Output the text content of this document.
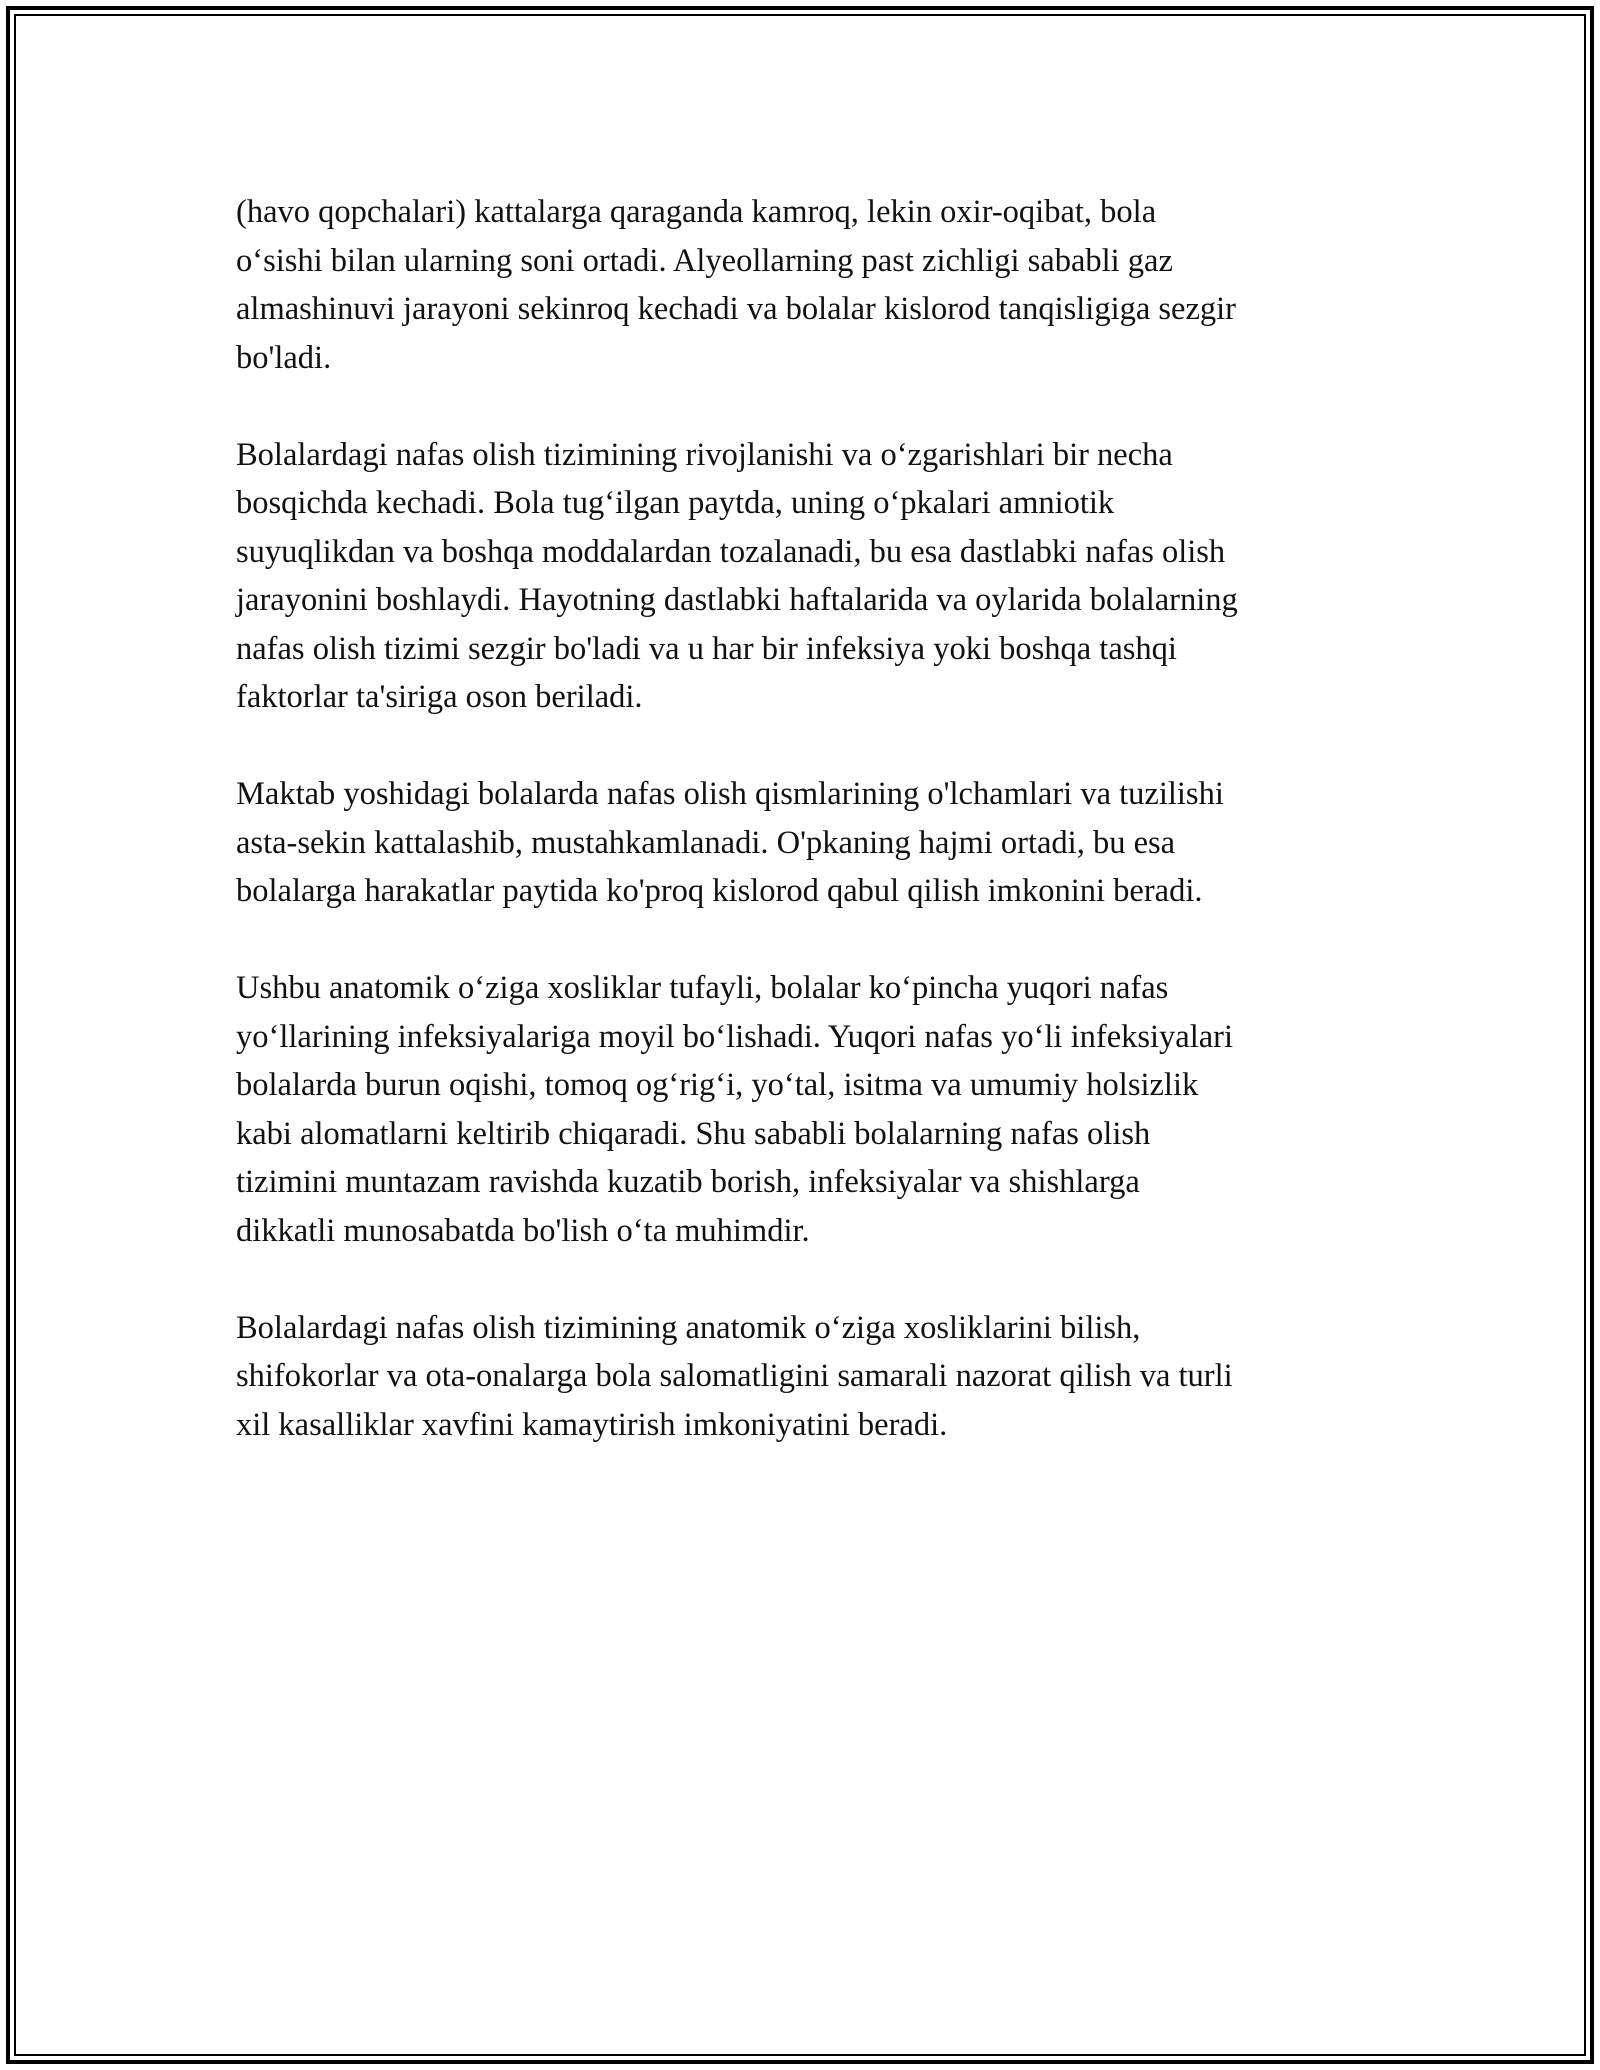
(havo qopchalari) kattalarga qaraganda kamroq, lekin oxir-oqibat, bola
o‘sishi bilan ularning soni ortadi. Alyeollarning past zichligi sababli gaz
almashinuvi jarayoni sekinroq kechadi va bolalar kislorod tanqisligiga sezgir
bo'ladi.

Bolalardagi nafas olish tizimining rivojlanishi va o‘zgarishlari bir necha
bosqichda kechadi. Bola tug‘ilgan paytda, uning o‘pkalari amniotik
suyuqlikdan va boshqa moddalardan tozalanadi, bu esa dastlabki nafas olish
jarayonini boshlaydi. Hayotning dastlabki haftalarida va oylarida bolalarning
nafas olish tizimi sezgir bo'ladi va u har bir infeksiya yoki boshqa tashqi
faktorlar ta'siriga oson beriladi.

Maktab yoshidagi bolalarda nafas olish qismlarining o'lchamlari va tuzilishi
asta-sekin kattalashib, mustahkamlanadi. O'pkaning hajmi ortadi, bu esa
bolalarga harakatlar paytida ko'proq kislorod qabul qilish imkonini beradi.

Ushbu anatomik o‘ziga xosliklar tufayli, bolalar ko‘pincha yuqori nafas
yo‘llarining infeksiyalariga moyil bo‘lishadi. Yuqori nafas yo‘li infeksiyalari
bolalarda burun oqishi, tomoq og‘rig‘i, yo‘tal, isitma va umumiy holsizlik
kabi alomatlarni keltirib chiqaradi. Shu sababli bolalarning nafas olish
tizimini muntazam ravishda kuzatib borish, infeksiyalar va shishlarga
dikkatli munosabatda bo'lish o‘ta muhimdir.

Bolalardagi nafas olish tizimining anatomik o‘ziga xosliklarini bilish,
shifokorlar va ota-onalarga bola salomatligini samarali nazorat qilish va turli
xil kasalliklar xavfini kamaytirish imkoniyatini beradi.
